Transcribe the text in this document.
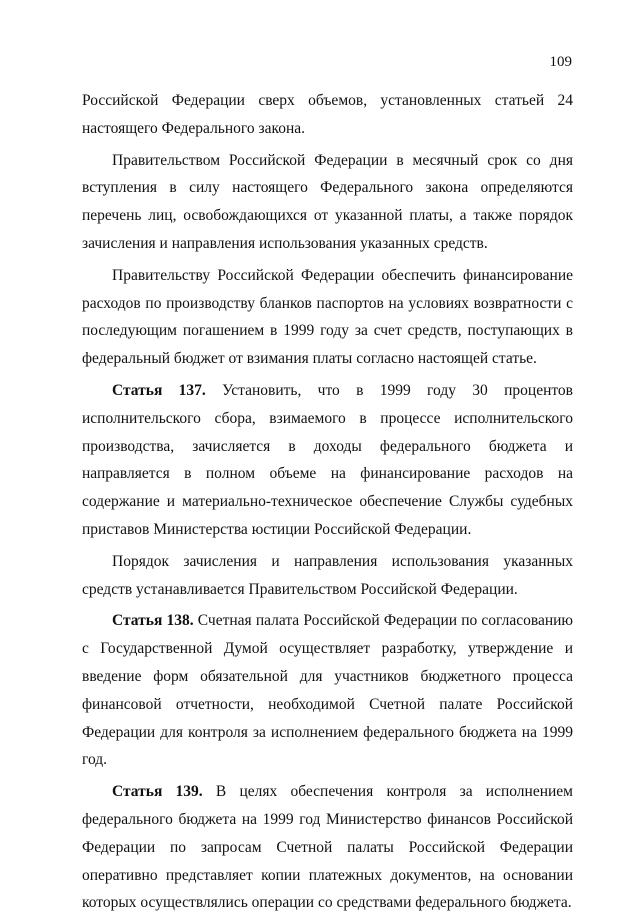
109

Российской Федерации сверх объемов, установленных статьей 24 настоящего Федерального закона.

Правительством Российской Федерации в месячный срок со дня вступления в силу настоящего Федерального закона определяются перечень лиц, освобождающихся от указанной платы, а также порядок зачисления и направления использования указанных средств.

Правительству Российской Федерации обеспечить финансирование расходов по производству бланков паспортов на условиях возвратности с последующим погашением в 1999 году за счет средств, поступающих в федеральный бюджет от взимания платы согласно настоящей статье.

Статья 137. Установить, что в 1999 году 30 процентов исполнительского сбора, взимаемого в процессе исполнительского производства, зачисляется в доходы федерального бюджета и направляется в полном объеме на финансирование расходов на содержание и материально-техническое обеспечение Службы судебных приставов Министерства юстиции Российской Федерации.

Порядок зачисления и направления использования указанных средств устанавливается Правительством Российской Федерации.

Статья 138. Счетная палата Российской Федерации по согласованию с Государственной Думой осуществляет разработку, утверждение и введение форм обязательной для участников бюджетного процесса финансовой отчетности, необходимой Счетной палате Российской Федерации для контроля за исполнением федерального бюджета на 1999 год.

Статья 139. В целях обеспечения контроля за исполнением федерального бюджета на 1999 год Министерство финансов Российской Федерации по запросам Счетной палаты Российской Федерации оперативно представляет копии платежных документов, на основании которых осуществлялись операции со средствами федерального бюджета.
